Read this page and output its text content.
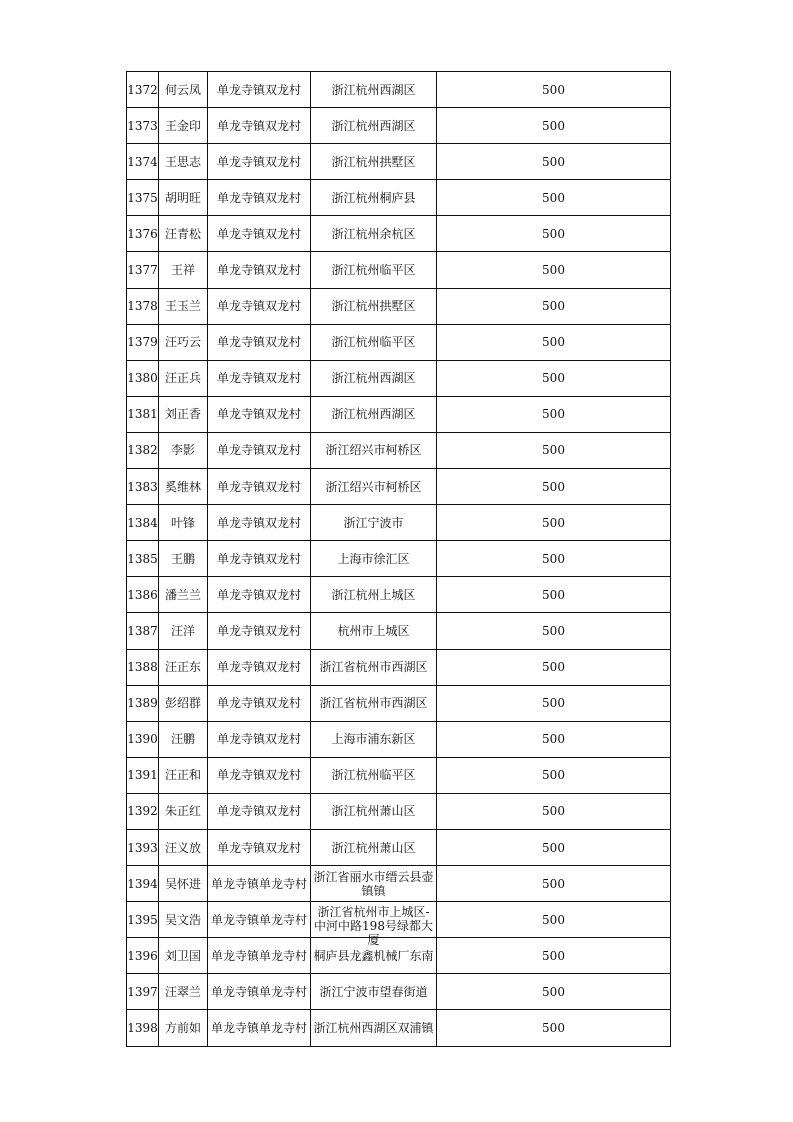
1372	何云凤	单龙寺镇双龙村	浙江杭州西湖区	500
1373	王金印	单龙寺镇双龙村	浙江杭州西湖区	500
1374	王思志	单龙寺镇双龙村	浙江杭州拱墅区	500
1375	胡明旺	单龙寺镇双龙村	浙江杭州桐庐县	500
1376	汪青松	单龙寺镇双龙村	浙江杭州余杭区	500
1377	王祥	单龙寺镇双龙村	浙江杭州临平区	500
1378	王玉兰	单龙寺镇双龙村	浙江杭州拱墅区	500
1379	汪巧云	单龙寺镇双龙村	浙江杭州临平区	500
1380	汪正兵	单龙寺镇双龙村	浙江杭州西湖区	500
1381	刘正香	单龙寺镇双龙村	浙江杭州西湖区	500
1382	李影	单龙寺镇双龙村	浙江绍兴市柯桥区	500
1383	奚维林	单龙寺镇双龙村	浙江绍兴市柯桥区	500
1384	叶锋	单龙寺镇双龙村	浙江宁波市	500
1385	王鹏	单龙寺镇双龙村	上海市徐汇区	500
1386	潘兰兰	单龙寺镇双龙村	浙江杭州上城区	500
1387	汪洋	单龙寺镇双龙村	杭州市上城区	500
1388	汪正东	单龙寺镇双龙村	浙江省杭州市西湖区	500
1389	彭绍群	单龙寺镇双龙村	浙江省杭州市西湖区	500
1390	汪鹏	单龙寺镇双龙村	上海市浦东新区	500
1391	汪正和	单龙寺镇双龙村	浙江杭州临平区	500
1392	朱正红	单龙寺镇双龙村	浙江杭州萧山区	500
1393	汪义放	单龙寺镇双龙村	浙江杭州萧山区	500
1394	吴怀进	单龙寺镇单龙寺村	浙江省丽水市缙云县壶镇镇	500
1395	吴文浩	单龙寺镇单龙寺村	浙江省杭州市上城区-中河中路198号绿都大厦	500
1396	刘卫国	单龙寺镇单龙寺村	桐庐县龙鑫机械厂东南	500
1397	汪翠兰	单龙寺镇单龙寺村	浙江宁波市望春街道	500
1398	方前如	单龙寺镇单龙寺村	浙江杭州西湖区双浦镇	500
